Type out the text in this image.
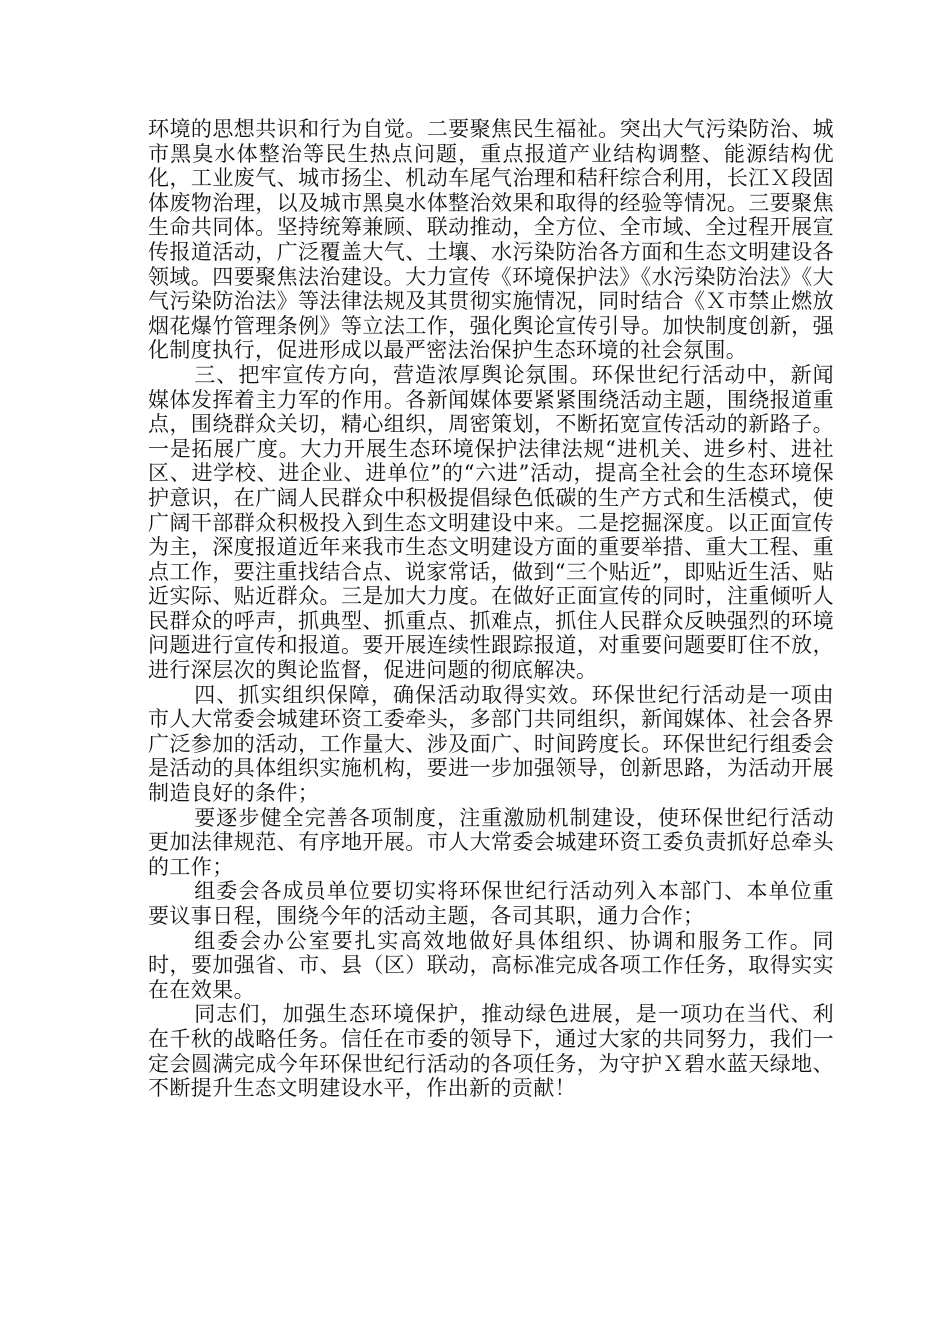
环境的思想共识和行为自觉。二要聚焦民生福祉。突出大气污染防治、城市黑臭水体整治等民生热点问题，重点报道产业结构调整、能源结构优化，工业废气、城市扬尘、机动车尾气治理和秸秆综合利用，长江Ｘ段固体废物治理，以及城市黑臭水体整治效果和取得的经验等情况。三要聚焦生命共同体。坚持统筹兼顾、联动推动，全方位、全市域、全过程开展宣传报道活动，广泛覆盖大气、土壤、水污染防治各方面和生态文明建设各领域。四要聚焦法治建设。大力宣传《环境保护法》《水污染防治法》《大气污染防治法》等法律法规及其贯彻实施情况，同时结合《Ｘ市禁止燃放烟花爆竹管理条例》等立法工作，强化舆论宣传引导。加快制度创新，强化制度执行，促进形成以最严密法治保护生态环境的社会氛围。

三、把牢宣传方向，营造浓厚舆论氛围。环保世纪行活动中，新闻媒体发挥着主力军的作用。各新闻媒体要紧紧围绕活动主题，围绕报道重点，围绕群众关切，精心组织，周密策划，不断拓宽宣传活动的新路子。一是拓展广度。大力开展生态环境保护法律法规“进机关、进乡村、进社区、进学校、进企业、进单位”的“六进”活动，提高全社会的生态环境保护意识，在广阔人民群众中积极提倡绿色低碳的生产方式和生活模式，使广阔干部群众积极投入到生态文明建设中来。二是挖掘深度。以正面宣传为主，深度报道近年来我市生态文明建设方面的重要举措、重大工程、重点工作，要注重找结合点、说家常话，做到“三个贴近”，即贴近生活、贴近实际、贴近群众。三是加大力度。在做好正面宣传的同时，注重倾听人民群众的呼声，抓典型、抓重点、抓难点，抓住人民群众反映强烈的环境问题进行宣传和报道。要开展连续性跟踪报道，对重要问题要盯住不放，进行深层次的舆论监督，促进问题的彻底解决。

四、抓实组织保障，确保活动取得实效。环保世纪行活动是一项由市人大常委会城建环资工委牵头，多部门共同组织，新闻媒体、社会各界广泛参加的活动，工作量大、涉及面广、时间跨度长。环保世纪行组委会是活动的具体组织实施机构，要进一步加强领导，创新思路，为活动开展制造良好的条件；

要逐步健全完善各项制度，注重激励机制建设，使环保世纪行活动更加法律规范、有序地开展。市人大常委会城建环资工委负责抓好总牵头的工作；

组委会各成员单位要切实将环保世纪行活动列入本部门、本单位重要议事日程，围绕今年的活动主题，各司其职，通力合作；

组委会办公室要扎实高效地做好具体组织、协调和服务工作。同时，要加强省、市、县（区）联动，高标准完成各项工作任务，取得实实在在效果。

同志们，加强生态环境保护，推动绿色进展，是一项功在当代、利在千秋的战略任务。信任在市委的领导下，通过大家的共同努力，我们一定会圆满完成今年环保世纪行活动的各项任务，为守护Ｘ碧水蓝天绿地、不断提升生态文明建设水平，作出新的贡献！
